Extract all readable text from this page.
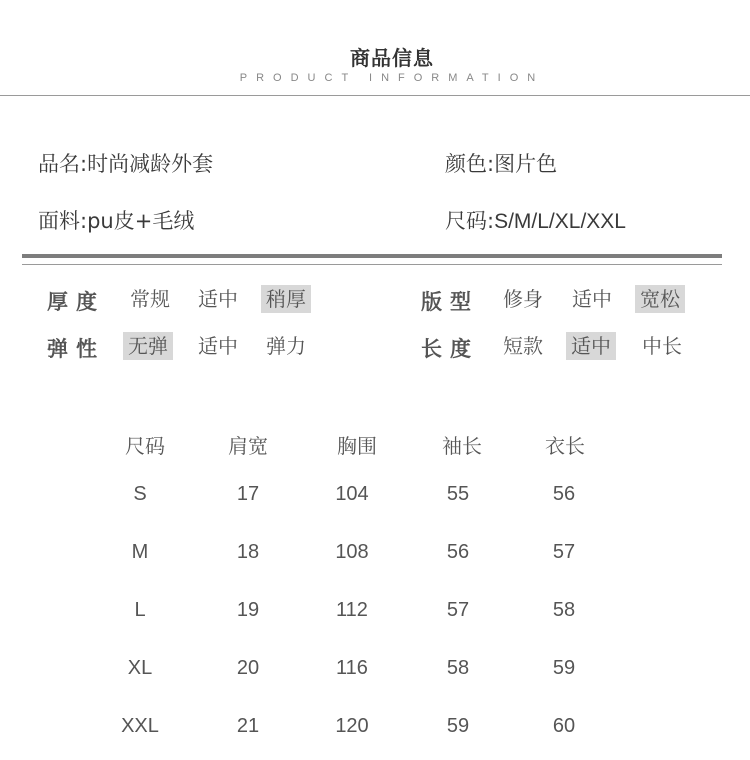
商品信息
PRODUCT INFORMATION
品名:时尚减龄外套	颜色:图片色
面料:pu皮+毛绒	尺码:S/M/L/XL/XXL
厚度 常规 适中 稍厚	版型 修身 适中 宽松
弹性 无弹 适中 弹力	长度 短款 适中 中长
尺码	肩宽	胸围	袖长	衣长
S	17	104	55	56
M	18	108	56	57
L	19	112	57	58
XL	20	116	58	59
XXL	21	120	59	60
